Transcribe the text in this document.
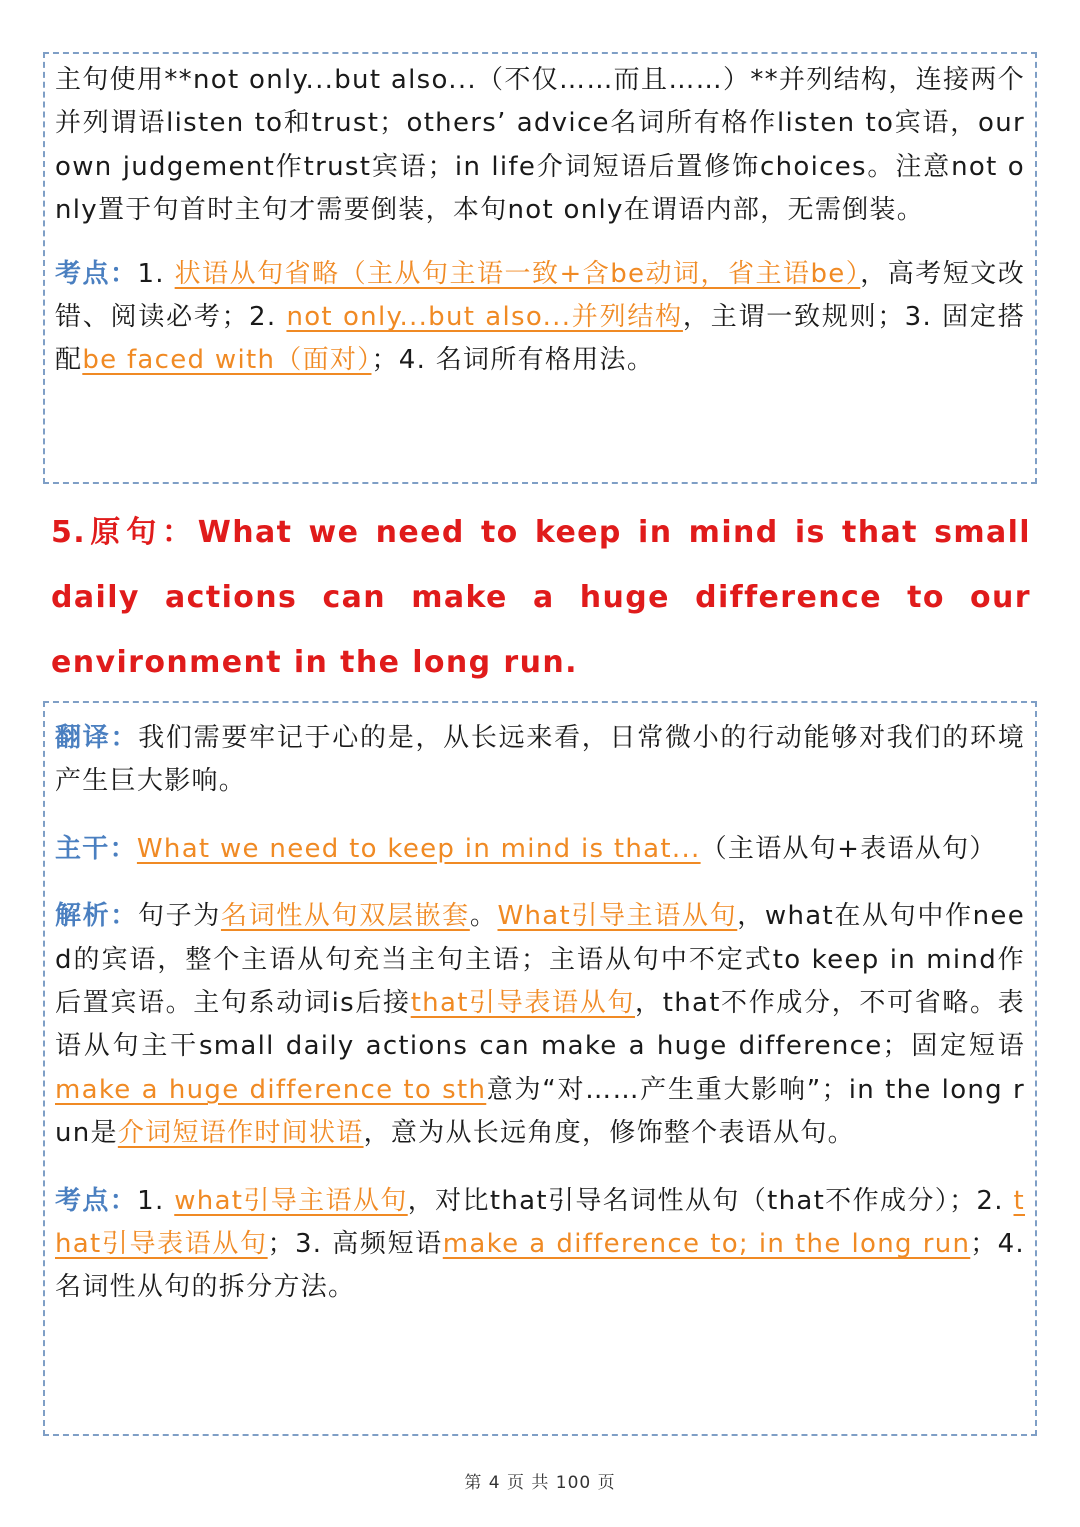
主句使用**not only...but also...（不仅……而且……）**并列结构，连接两个并列谓语listen to和trust；others’ advice名词所有格作listen to宾语，our own judgement作trust宾语；in life介词短语后置修饰choices。注意not only置于句首时主句才需要倒装，本句not only在谓语内部，无需倒装。

考点：1. 状语从句省略（主从句主语一致+含be动词，省主语be），高考短文改错、阅读必考；2. not only...but also...并列结构，主谓一致规则；3. 固定搭配be faced with（面对）；4. 名词所有格用法。

5.原句：What we need to keep in mind is that small daily actions can make a huge difference to our environment in the long run.

翻译：我们需要牢记于心的是，从长远来看，日常微小的行动能够对我们的环境产生巨大影响。

主干：What we need to keep in mind is that...（主语从句+表语从句）

解析：句子为名词性从句双层嵌套。What引导主语从句，what在从句中作need的宾语，整个主语从句充当主句主语；主语从句中不定式to keep in mind作后置宾语。主句系动词is后接that引导表语从句，that不作成分，不可省略。表语从句主干small daily actions can make a huge difference；固定短语make a huge difference to sth意为“对……产生重大影响”；in the long run是介词短语作时间状语，意为从长远角度，修饰整个表语从句。

考点：1. what引导主语从句，对比that引导名词性从句（that不作成分）；2. that引导表语从句；3. 高频短语make a difference to; in the long run；4. 名词性从句的拆分方法。

第 4 页 共 100 页
